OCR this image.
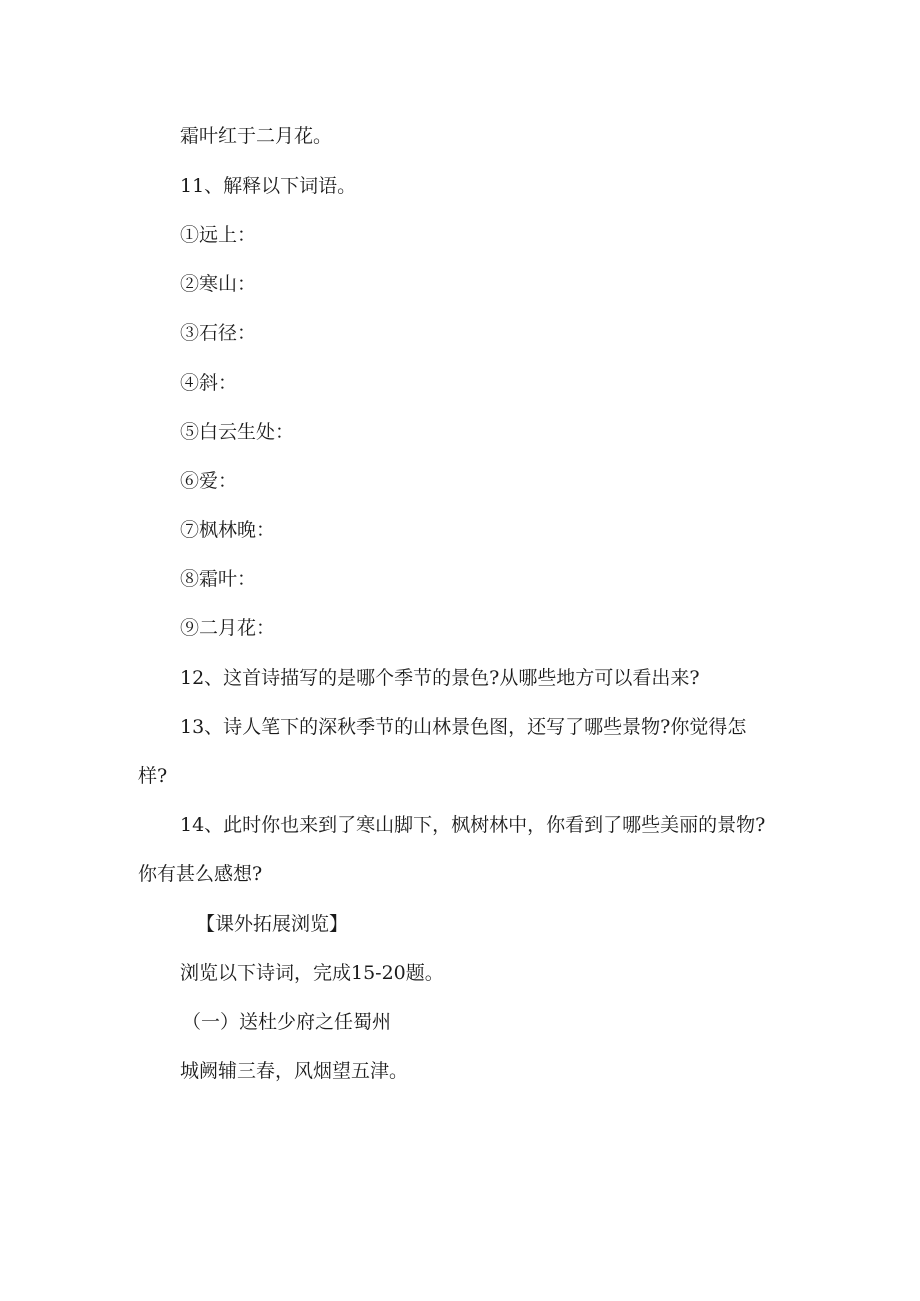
霜叶红于二月花。

11、解释以下词语。

①远上：

②寒山：

③石径：

④斜：

⑤白云生处：

⑥爱：

⑦枫林晚：

⑧霜叶：

⑨二月花：

12、这首诗描写的是哪个季节的景色?从哪些地方可以看出来?

13、诗人笔下的深秋季节的山林景色图，还写了哪些景物?你觉得怎

样?

14、此时你也来到了寒山脚下，枫树林中，你看到了哪些美丽的景物?

你有甚么感想?

【课外拓展浏览】

浏览以下诗词，完成15-20题。

（一）送杜少府之任蜀州

城阙辅三春，风烟望五津。
